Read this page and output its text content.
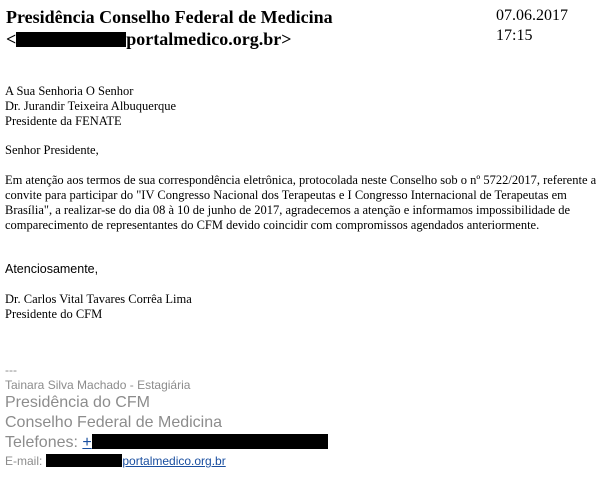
Presidência Conselho Federal de Medicina
<	portalmedico.org.br>
07.06.2017
17:15

A Sua Senhoria O Senhor
Dr. Jurandir Teixeira Albuquerque
Presidente da FENATE

Senhor Presidente,

Em atenção aos termos de sua correspondência eletrônica, protocolada neste Conselho sob o nº 5722/2017, referente a convite para participar do "IV Congresso Nacional dos Terapeutas e I Congresso Internacional de Terapeutas em Brasília", a realizar-se do dia 08 à 10 de junho de 2017, agradecemos a atenção e informamos impossibilidade de comparecimento de representantes do CFM devido coincidir com compromissos agendados anteriormente.

Atenciosamente,

Dr. Carlos Vital Tavares Corrêa Lima
Presidente do CFM
---
Tainara Silva Machado - Estagiária
Presidência do CFM
Conselho Federal de Medicina
Telefones: +
E-mail:	portalmedico.org.br
